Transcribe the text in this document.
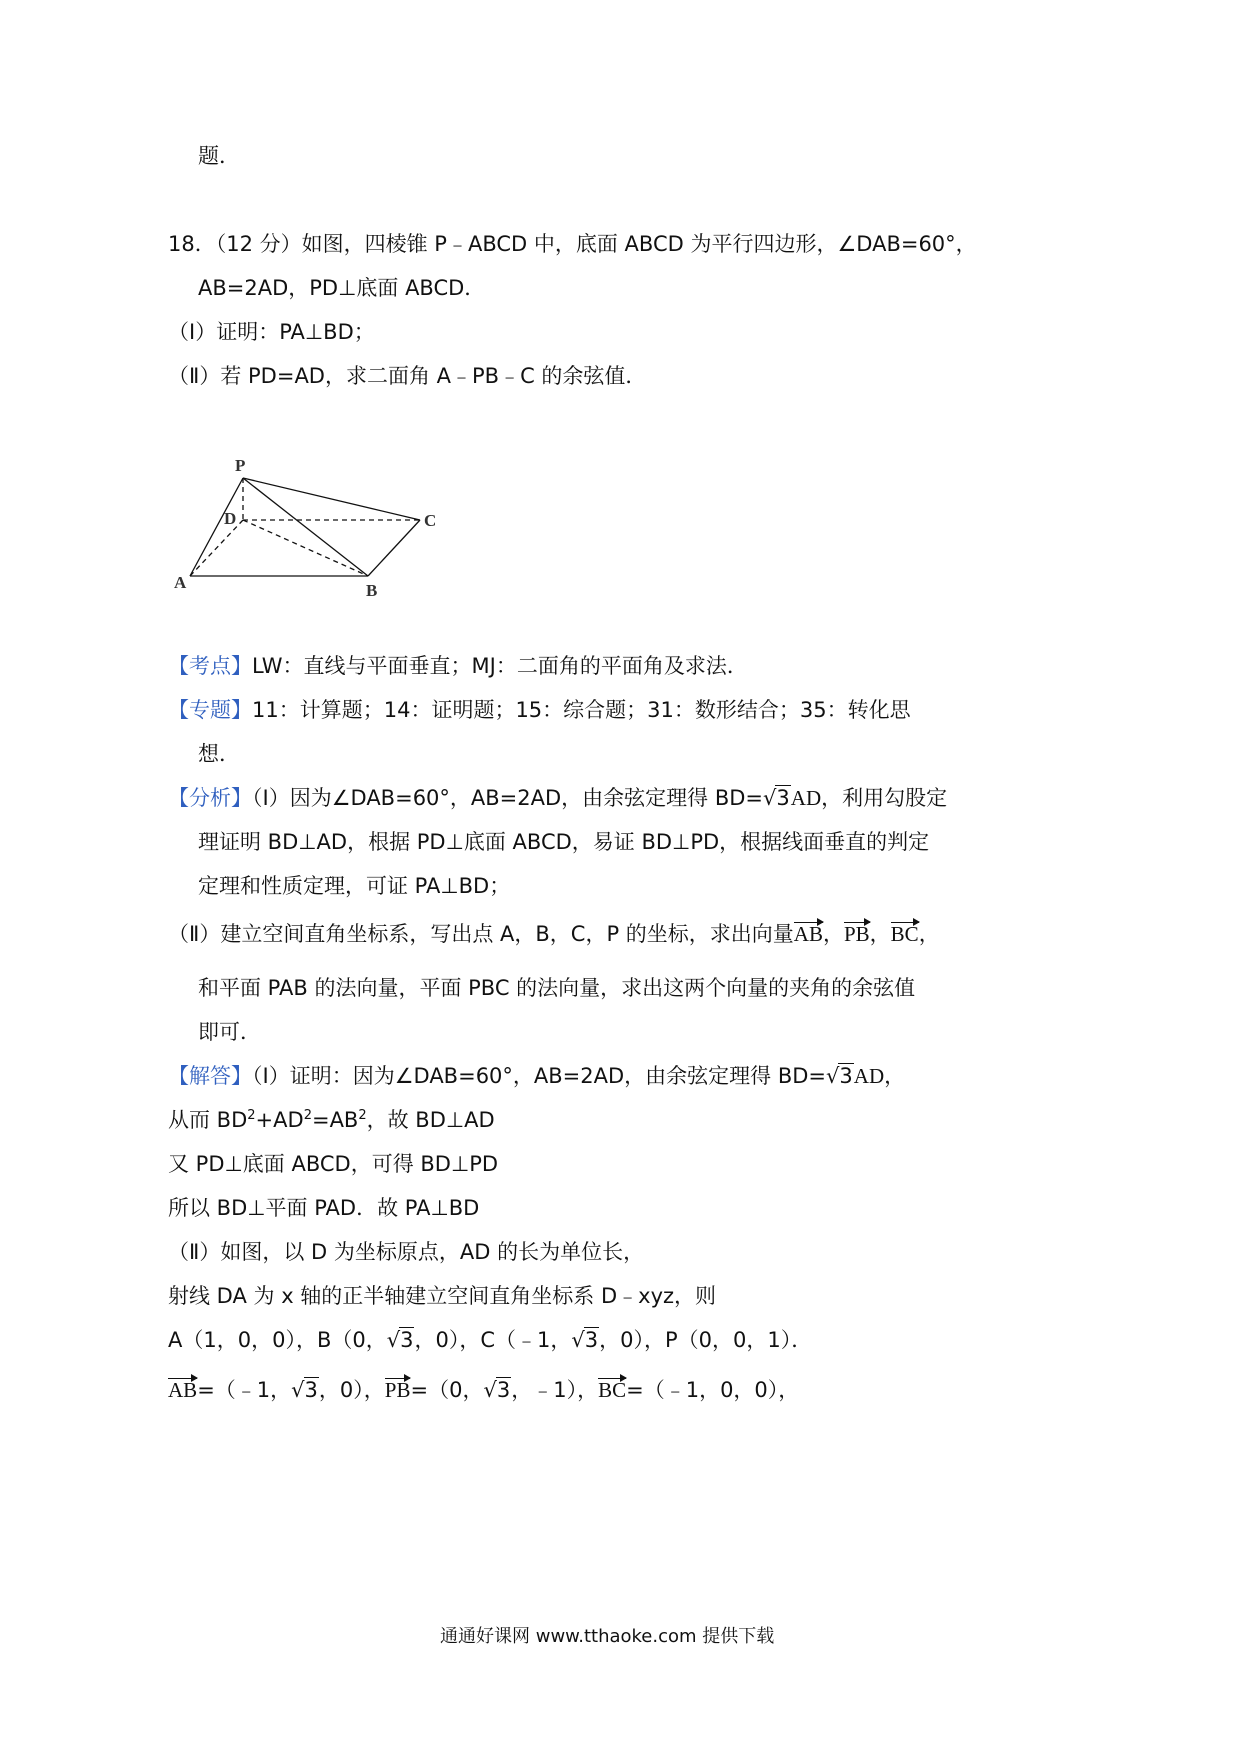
题．
18．（12 分）如图，四棱锥 P﹣ABCD 中，底面 ABCD 为平行四边形，∠DAB=60°，
AB=2AD，PD⊥底面 ABCD．
（Ⅰ）证明：PA⊥BD；
（Ⅱ）若 PD=AD，求二面角 A﹣PB﹣C 的余弦值．
P
D	C
A	B
【考点】LW：直线与平面垂直；MJ：二面角的平面角及求法．
【专题】11：计算题；14：证明题；15：综合题；31：数形结合；35：转化思
想．
【分析】（Ⅰ）因为∠DAB=60°，AB=2AD，由余弦定理得 BD=√3AD，利用勾股定
理证明 BD⊥AD，根据 PD⊥底面 ABCD，易证 BD⊥PD，根据线面垂直的判定
定理和性质定理，可证 PA⊥BD；
（Ⅱ）建立空间直角坐标系，写出点 A，B，C，P 的坐标，求出向量AB，PB，BC，
和平面 PAB 的法向量，平面 PBC 的法向量，求出这两个向量的夹角的余弦值
即可．
【解答】（Ⅰ）证明：因为∠DAB=60°，AB=2AD，由余弦定理得 BD=√3AD，
从而 $BD^2+AD^2=AB^2$，故 BD⊥AD
又 PD⊥底面 ABCD，可得 BD⊥PD
所以 BD⊥平面 PAD．故 PA⊥BD
（Ⅱ）如图，以 D 为坐标原点，AD 的长为单位长，
射线 DA 为 x 轴的正半轴建立空间直角坐标系 D﹣xyz，则
A（1，0，0），B（0，√3，0），C（﹣1，√3，0），P（0，0，1）．
AB=（﹣1，√3，0），PB=（0，√3，﹣1），BC=（﹣1，0，0），
通通好课网 www.tthaoke.com 提供下载
